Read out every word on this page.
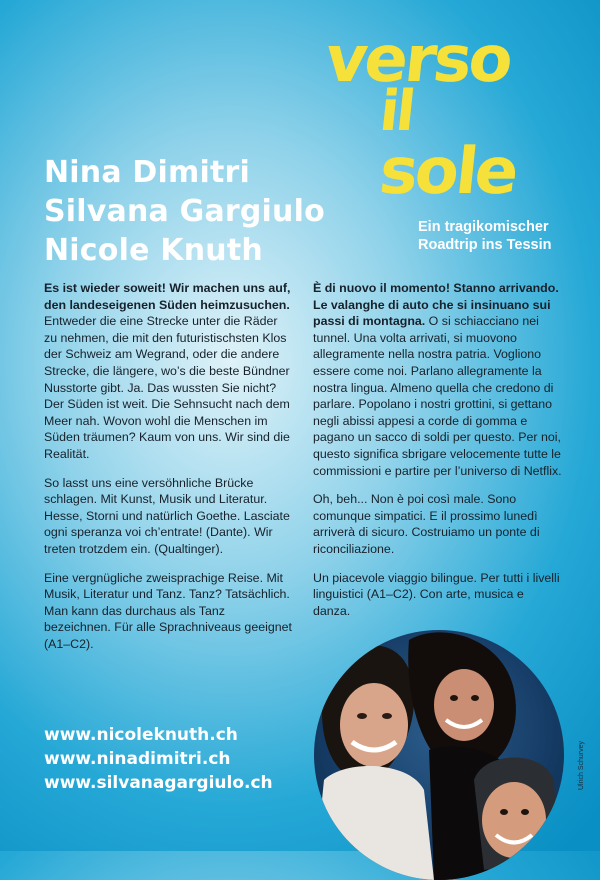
verso
il
sole
Ein tragikomischer
Roadtrip ins Tessin
Nina Dimitri
Silvana Gargiulo
Nicole Knuth

Es ist wieder soweit! Wir machen uns auf, den landeseigenen Süden heimzusuchen. Entweder die eine Strecke unter die Räder zu nehmen, die mit den futuristischsten Klos der Schweiz am Wegrand, oder die andere Strecke, die längere, wo’s die beste Bündner Nusstorte gibt. Ja. Das wussten Sie nicht? Der Süden ist weit. Die Sehnsucht nach dem Meer nah. Wovon wohl die Menschen im Süden träumen? Kaum von uns. Wir sind die Realität.

So lasst uns eine versöhnliche Brücke schlagen. Mit Kunst, Musik und Literatur. Hesse, Storni und natürlich Goethe. Lasciate ogni speranza voi ch’entrate! (Dante). Wir treten trotzdem ein. (Qualtinger).

Eine vergnügliche zweisprachige Reise. Mit Musik, Literatur und Tanz. Tanz? Tatsächlich. Man kann das durchaus als Tanz bezeichnen. Für alle Sprachniveaus geeignet (A1–C2).

È di nuovo il momento! Stanno arrivando. Le valanghe di auto che si insinuano sui passi di montagna. O si schiacciano nei tunnel. Una volta arrivati, si muovono allegramente nella nostra patria. Vogliono essere come noi. Parlano allegramente la nostra lingua. Almeno quella che credono di parlare. Popolano i nostri grottini, si gettano negli abissi appesi a corde di gomma e pagano un sacco di soldi per questo. Per noi, questo significa sbrigare velocemente tutte le commissioni e partire per l’universo di Netflix.

Oh, beh... Non è poi così male. Sono comunque simpatici. E il prossimo lunedì arriverà di sicuro. Costruiamo un ponte di riconciliazione.

Un piacevole viaggio bilingue. Per tutti i livelli linguistici (A1–C2). Con arte, musica e danza.

www.nicoleknuth.ch
www.ninadimitri.ch
www.silvanagargiulo.ch	Ulrich Schurvey
